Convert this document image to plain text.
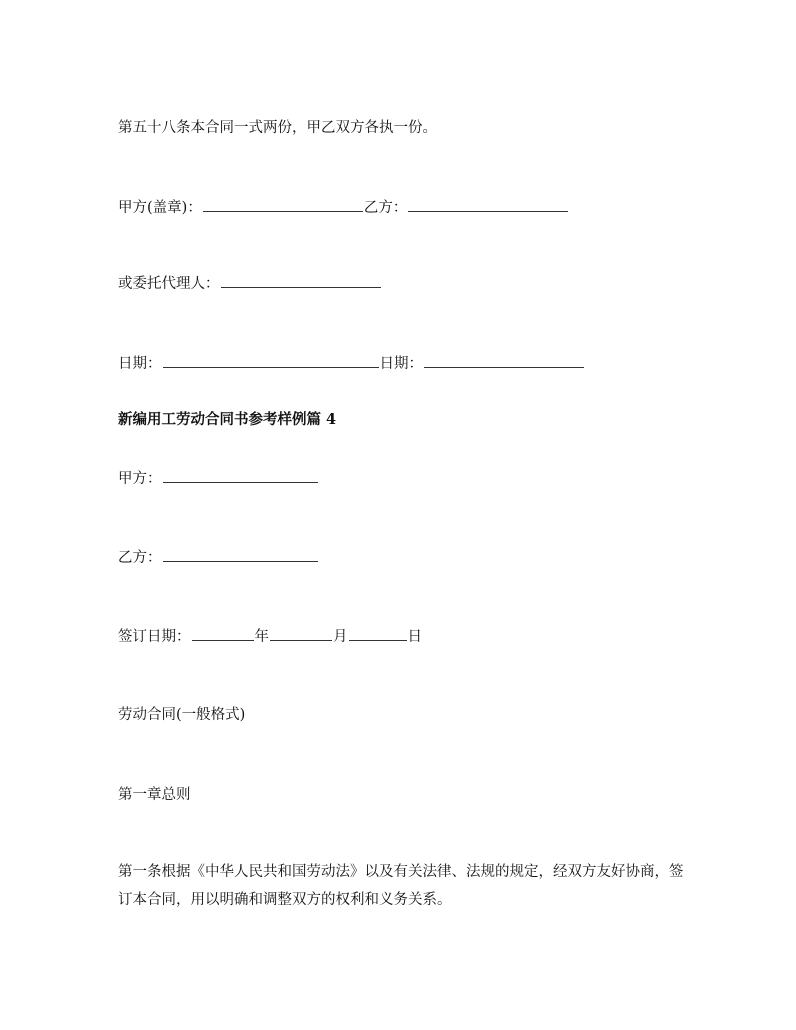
第五十八条本合同一式两份，甲乙双方各执一份。
甲方(盖章)：	乙方：
或委托代理人：
日期：	日期：
新编用工劳动合同书参考样例篇 4
甲方：
乙方：
签订日期：	年	月	日
劳动合同(一般格式)
第一章总则
第一条根据《中华人民共和国劳动法》以及有关法律、法规的规定，经双方友好协商，签订本合同，用以明确和调整双方的权利和义务关系。
